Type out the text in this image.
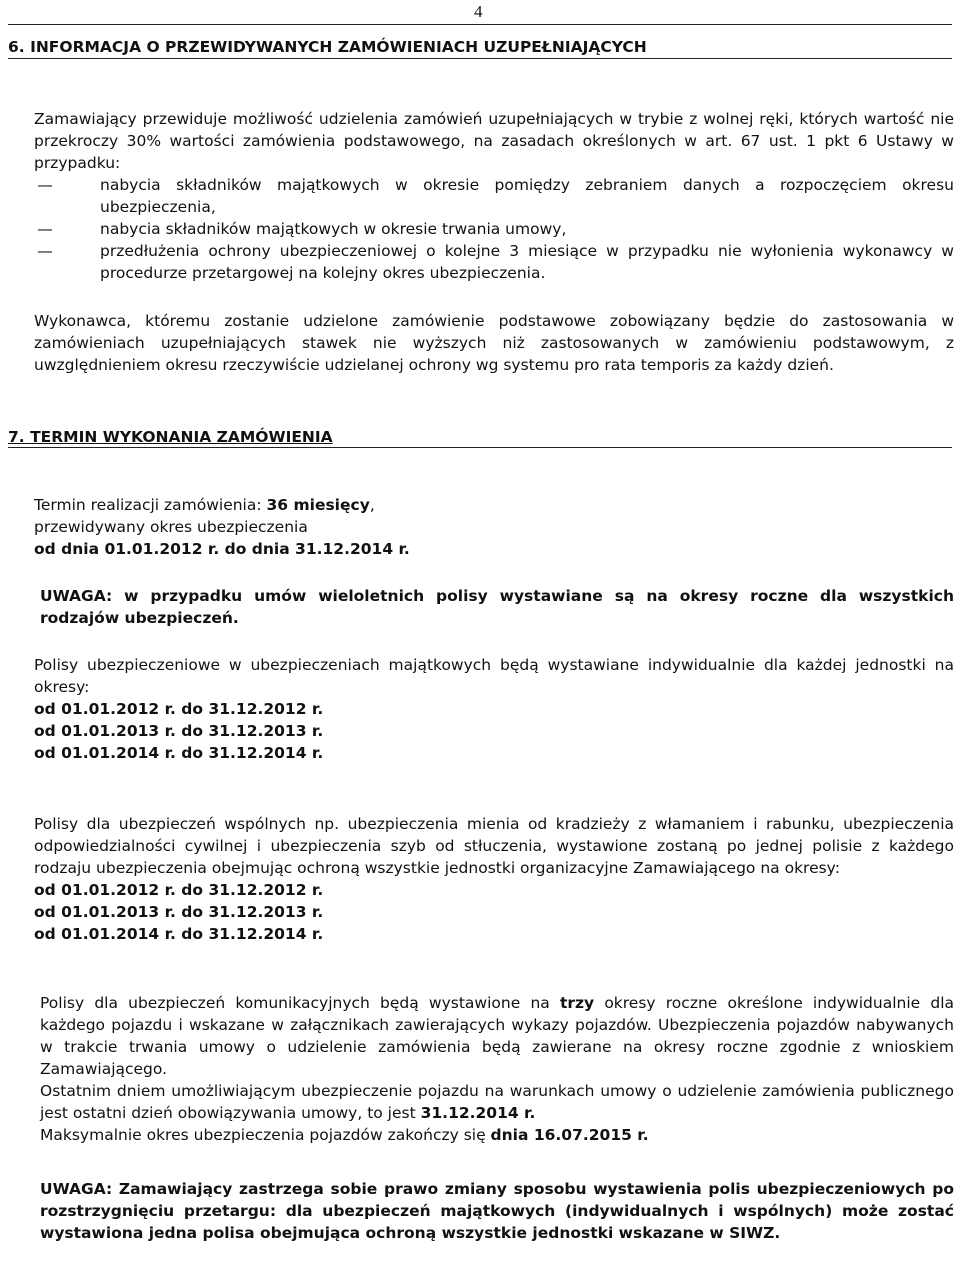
4
6. INFORMACJA O PRZEWIDYWANYCH ZAMÓWIENIACH UZUPEŁNIAJĄCYCH

Zamawiający przewiduje możliwość udzielenia zamówień uzupełniających w trybie z wolnej ręki, których wartość nie przekroczy 30% wartości zamówienia podstawowego, na zasadach określonych w art. 67 ust. 1 pkt 6 Ustawy w przypadku:

—	nabycia składników majątkowych w okresie pomiędzy zebraniem danych a rozpoczęciem okresu ubezpieczenia,
—	nabycia składników majątkowych w okresie trwania umowy,
—	przedłużenia ochrony ubezpieczeniowej o kolejne 3 miesiące w przypadku nie wyłonienia wykonawcy w procedurze przetargowej na kolejny okres ubezpieczenia.

Wykonawca, któremu zostanie udzielone zamówienie podstawowe zobowiązany będzie do zastosowania w zamówieniach uzupełniających stawek nie wyższych niż zastosowanych w zamówieniu podstawowym, z uwzględnieniem okresu rzeczywiście udzielanej ochrony wg systemu pro rata temporis za każdy dzień.

7. TERMIN WYKONANIA ZAMÓWIENIA

Termin realizacji zamówienia: 36 miesięcy,

przewidywany okres ubezpieczenia

od dnia 01.01.2012 r. do dnia 31.12.2014 r.

UWAGA: w przypadku umów wieloletnich polisy wystawiane są na okresy roczne dla wszystkich rodzajów ubezpieczeń.

Polisy ubezpieczeniowe w ubezpieczeniach majątkowych będą wystawiane indywidualnie dla każdej jednostki na okresy:

od 01.01.2012 r. do 31.12.2012 r.

od 01.01.2013 r. do 31.12.2013 r.

od 01.01.2014 r. do 31.12.2014 r.

Polisy dla ubezpieczeń wspólnych np. ubezpieczenia mienia od kradzieży z włamaniem i rabunku, ubezpieczenia odpowiedzialności cywilnej i ubezpieczenia szyb od stłuczenia, wystawione zostaną po jednej polisie z każdego rodzaju ubezpieczenia obejmując ochroną wszystkie jednostki organizacyjne Zamawiającego na okresy:

od 01.01.2012 r. do 31.12.2012 r.

od 01.01.2013 r. do 31.12.2013 r.

od 01.01.2014 r. do 31.12.2014 r.

Polisy dla ubezpieczeń komunikacyjnych będą wystawione na trzy okresy roczne określone indywidualnie dla każdego pojazdu i wskazane w załącznikach zawierających wykazy pojazdów. Ubezpieczenia pojazdów nabywanych w trakcie trwania umowy o udzielenie zamówienia będą zawierane na okresy roczne zgodnie z wnioskiem Zamawiającego.

Ostatnim dniem umożliwiającym ubezpieczenie pojazdu na warunkach umowy o udzielenie zamówienia publicznego jest ostatni dzień obowiązywania umowy, to jest 31.12.2014 r.

Maksymalnie okres ubezpieczenia pojazdów zakończy się dnia 16.07.2015 r.

UWAGA: Zamawiający zastrzega sobie prawo zmiany sposobu wystawienia polis ubezpieczeniowych po rozstrzygnięciu przetargu: dla ubezpieczeń majątkowych (indywidualnych i wspólnych) może zostać wystawiona jedna polisa obejmująca ochroną wszystkie jednostki wskazane w SIWZ.
